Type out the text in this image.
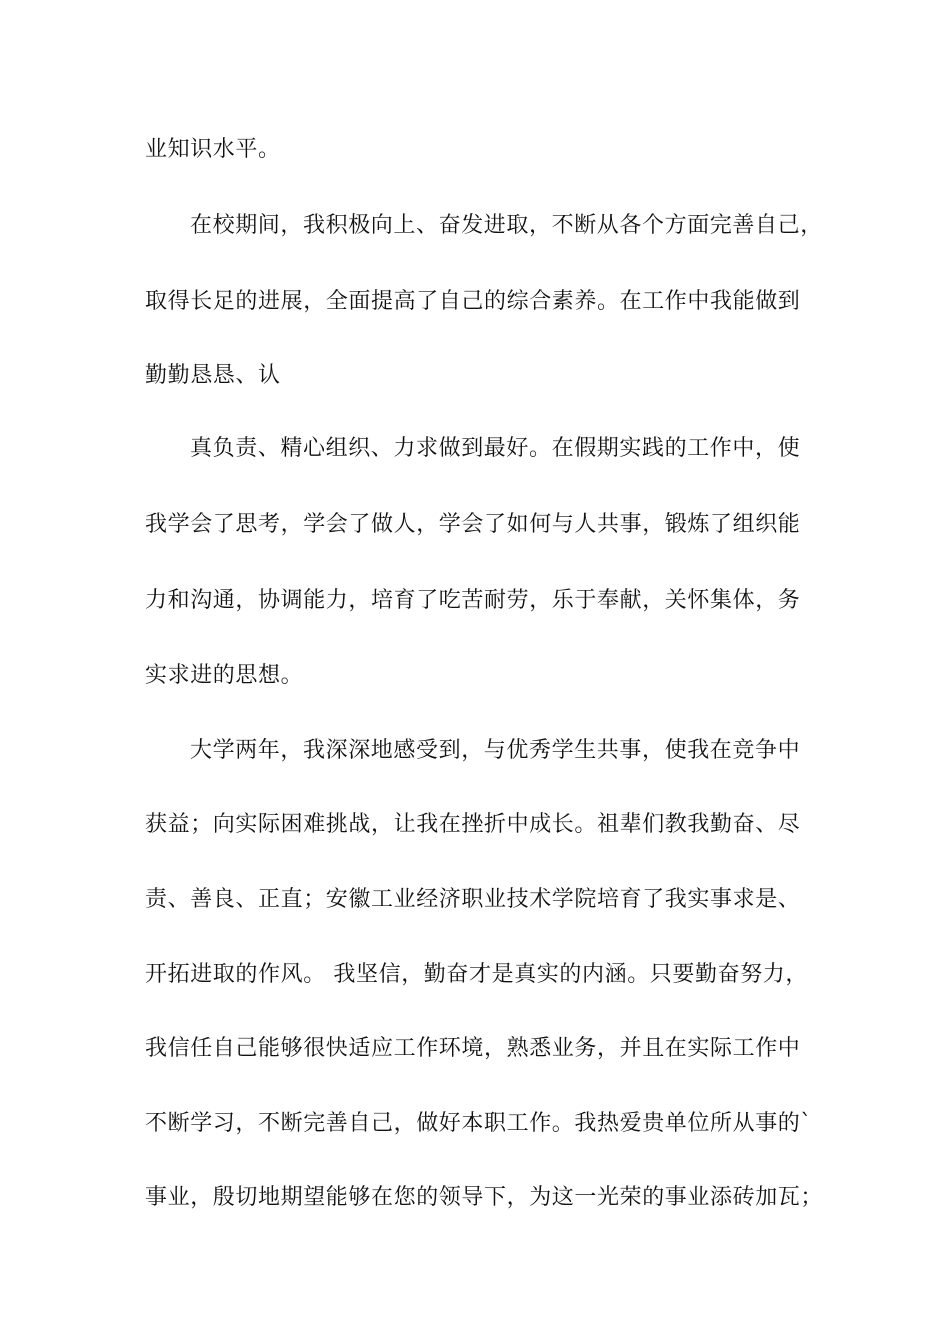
业知识水平。
在校期间，我积极向上、奋发进取，不断从各个方面完善自己，
取得长足的进展，全面提高了自己的综合素养。在工作中我能做到
勤勤恳恳、认
真负责、精心组织、力求做到最好。在假期实践的工作中，使
我学会了思考，学会了做人，学会了如何与人共事，锻炼了组织能
力和沟通，协调能力，培育了吃苦耐劳，乐于奉献，关怀集体，务
实求进的思想。
大学两年，我深深地感受到，与优秀学生共事，使我在竞争中
获益；向实际困难挑战，让我在挫折中成长。祖辈们教我勤奋、尽
责、善良、正直；安徽工业经济职业技术学院培育了我实事求是、
开拓进取的作风。 我坚信，勤奋才是真实的内涵。只要勤奋努力，
我信任自己能够很快适应工作环境，熟悉业务，并且在实际工作中
不断学习，不断完善自己，做好本职工作。我热爱贵单位所从事的`
事业，殷切地期望能够在您的领导下，为这一光荣的事业添砖加瓦；
